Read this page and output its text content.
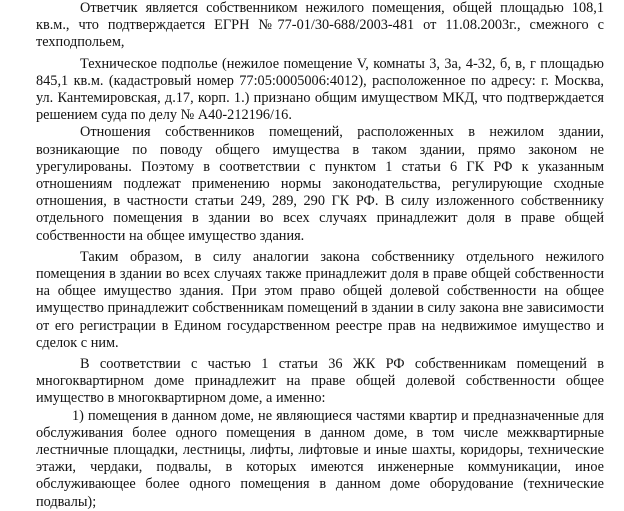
Ответчик является собственником нежилого помещения, общей площадью 108,1 кв.м., что подтверждается ЕГРН №77-01/30-688/2003-481 от 11.08.2003г., смежного с техподпольем,

Техническое подполье (нежилое помещение V, комнаты 3, 3а, 4-32, б, в, г площадью 845,1 кв.м. (кадастровый номер 77:05:0005006:4012), расположенное по адресу: г. Москва, ул. Кантемировская, д.17, корп. 1.) признано общим имуществом МКД, что подтверждается решением суда по делу № А40-212196/16.

Отношения собственников помещений, расположенных в нежилом здании, возникающие по поводу общего имущества в таком здании, прямо законом не урегулированы. Поэтому в соответствии с пунктом 1 статьи 6 ГК РФ к указанным отношениям подлежат применению нормы законодательства, регулирующие сходные отношения, в частности статьи 249, 289, 290 ГК РФ. В силу изложенного собственнику отдельного помещения в здании во всех случаях принадлежит доля в праве общей собственности на общее имущество здания.

Таким образом, в силу аналогии закона собственнику отдельного нежилого помещения в здании во всех случаях также принадлежит доля в праве общей собственности на общее имущество здания. При этом право общей долевой собственности на общее имущество принадлежит собственникам помещений в здании в силу закона вне зависимости от его регистрации в Едином государственном реестре прав на недвижимое имущество и сделок с ним.

В соответствии с частью 1 статьи 36 ЖК РФ собственникам помещений в многоквартирном доме принадлежит на праве общей долевой собственности общее имущество в многоквартирном доме, а именно:

1) помещения в данном доме, не являющиеся частями квартир и предназначенные для обслуживания более одного помещения в данном доме, в том числе межквартирные лестничные площадки, лестницы, лифты, лифтовые и иные шахты, коридоры, технические этажи, чердаки, подвалы, в которых имеются инженерные коммуникации, иное обслуживающее более одного помещения в данном доме оборудование (технические подвалы);
